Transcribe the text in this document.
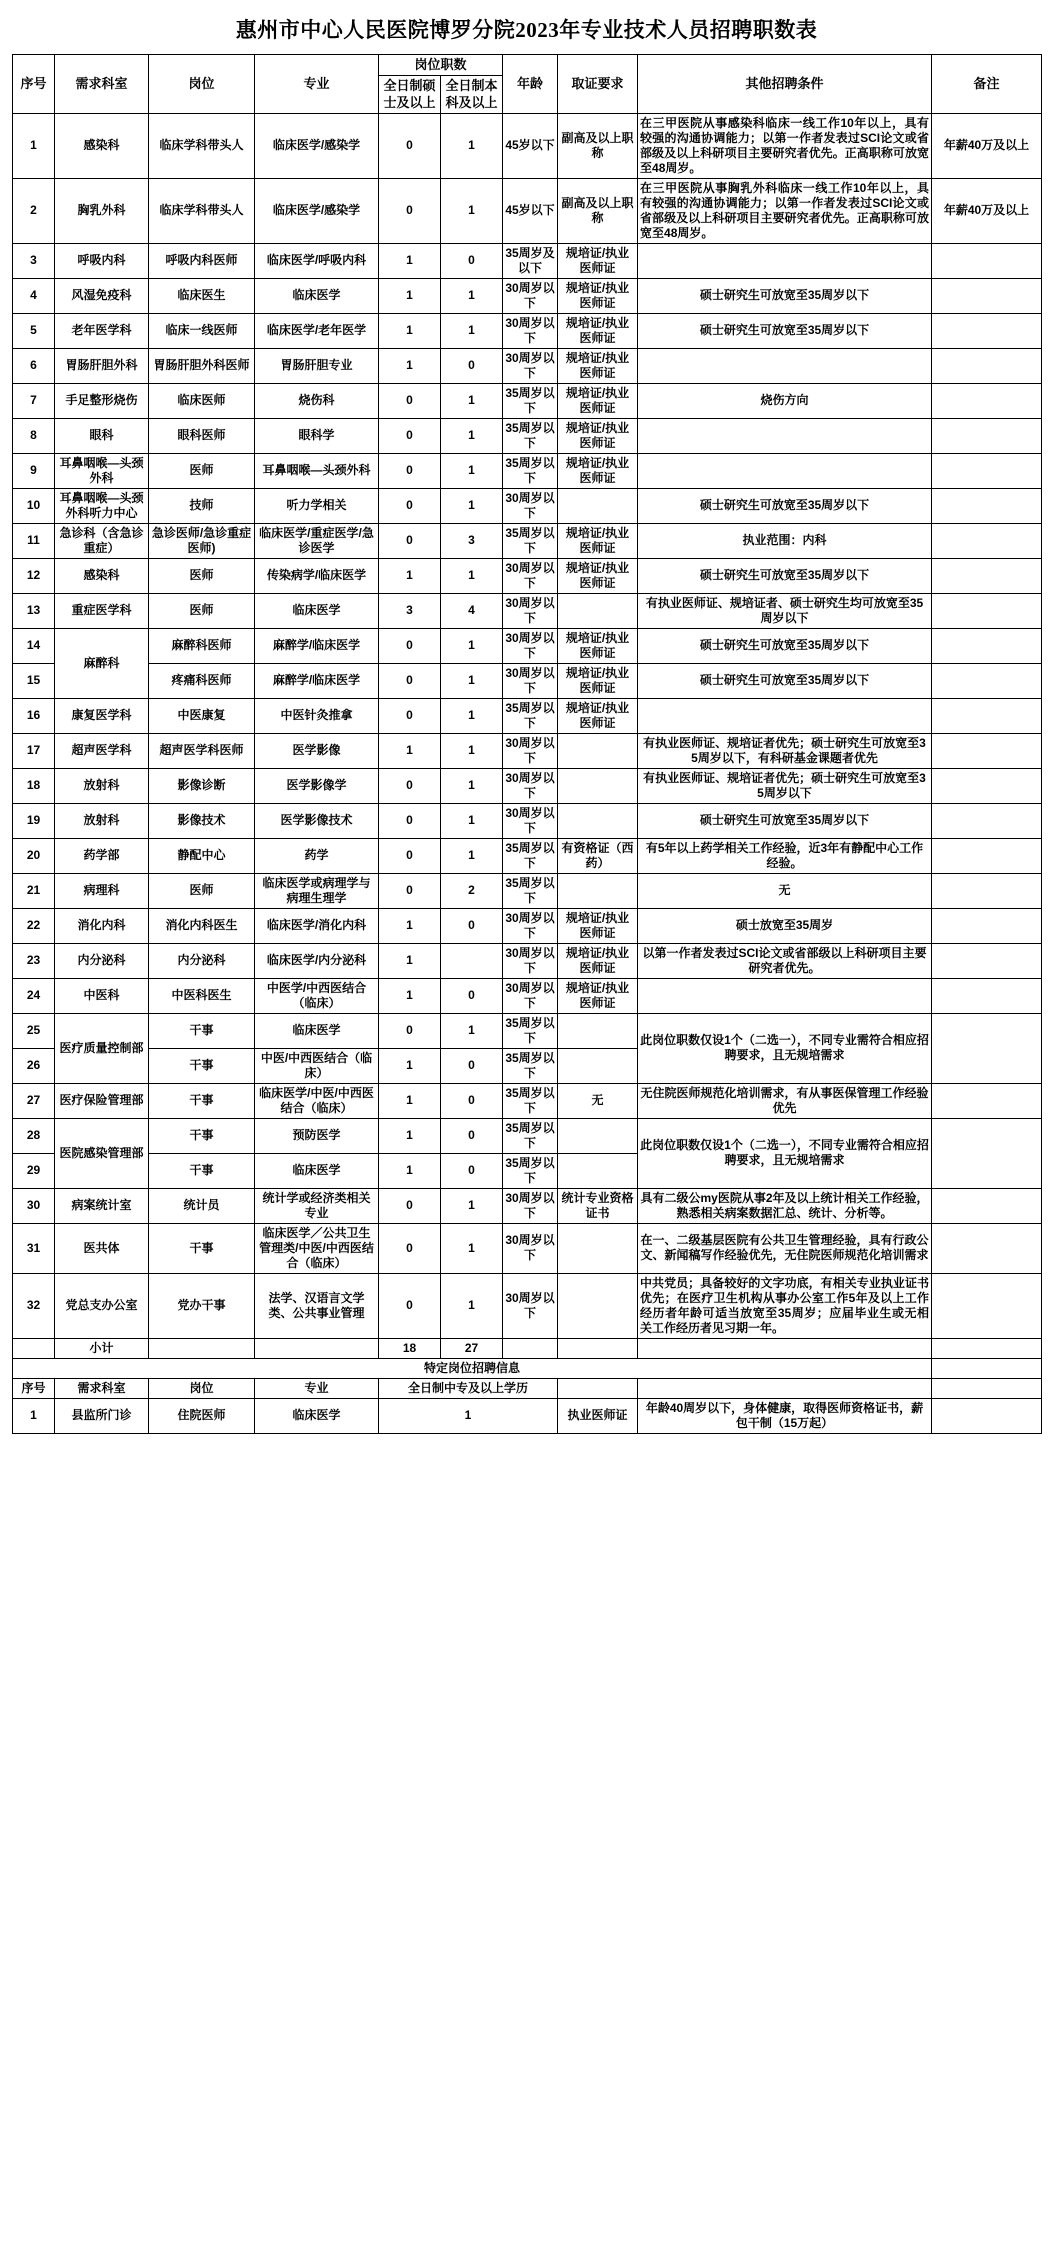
惠州市中心人民医院博罗分院2023年专业技术人员招聘职数表
序号	需求科室	岗位	专业	岗位职数		年龄	取证要求	其他招聘条件	备注
				全日制硕士及以上	全日制本科及以上				
1	感染科	临床学科带头人	临床医学/感染学	0	1	45岁以下	副高及以上职称	在三甲医院从事感染科临床一线工作10年以上，具有较强的沟通协调能力；以第一作者发表过SCI论文或省部级及以上科研项目主要研究者优先。正高职称可放宽至48周岁。	年薪40万及以上
2	胸乳外科	临床学科带头人	临床医学/感染学	0	1	45岁以下	副高及以上职称	在三甲医院从事胸乳外科临床一线工作10年以上，具有较强的沟通协调能力；以第一作者发表过SCI论文或省部级及以上科研项目主要研究者优先。正高职称可放宽至48周岁。	年薪40万及以上
3	呼吸内科	呼吸内科医师	临床医学/呼吸内科	1	0	35周岁及以下	规培证/执业医师证		
4	风湿免疫科	临床医生	临床医学	1	1	30周岁以下	规培证/执业医师证	硕士研究生可放宽至35周岁以下	
5	老年医学科	临床一线医师	临床医学/老年医学	1	1	30周岁以下	规培证/执业医师证	硕士研究生可放宽至35周岁以下	
6	胃肠肝胆外科	胃肠肝胆外科医师	胃肠肝胆专业	1	0	30周岁以下	规培证/执业医师证		
7	手足整形烧伤	临床医师	烧伤科	0	1	35周岁以下	规培证/执业医师证	烧伤方向	
8	眼科	眼科医师	眼科学	0	1	35周岁以下	规培证/执业医师证		
9	耳鼻咽喉—头颈外科	医师	耳鼻咽喉—头颈外科	0	1	35周岁以下	规培证/执业医师证		
10	耳鼻咽喉—头颈外科听力中心	技师	听力学相关	0	1	30周岁以下		硕士研究生可放宽至35周岁以下	
11	急诊科（含急诊重症）	急诊医师/急诊重症医师)	临床医学/重症医学/急诊医学	0	3	35周岁以下	规培证/执业医师证	执业范围：内科	
12	感染科	医师	传染病学/临床医学	1	1	30周岁以下	规培证/执业医师证	硕士研究生可放宽至35周岁以下	
13	重症医学科	医师	临床医学	3	4	30周岁以下		有执业医师证、规培证者、硕士研究生均可放宽至35周岁以下	
14	麻醉科	麻醉科医师	麻醉学/临床医学	0	1	30周岁以下	规培证/执业医师证	硕士研究生可放宽至35周岁以下	
15		疼痛科医师	麻醉学/临床医学	0	1	30周岁以下	规培证/执业医师证	硕士研究生可放宽至35周岁以下	
16	康复医学科	中医康复	中医针灸推拿	0	1	35周岁以下	规培证/执业医师证		
17	超声医学科	超声医学科医师	医学影像	1	1	30周岁以下		有执业医师证、规培证者优先；硕士研究生可放宽至35周岁以下，有科研基金课题者优先	
18	放射科	影像诊断	医学影像学	0	1	30周岁以下		有执业医师证、规培证者优先；硕士研究生可放宽至35周岁以下	
19	放射科	影像技术	医学影像技术	0	1	30周岁以下		硕士研究生可放宽至35周岁以下	
20	药学部	静配中心	药学	0	1	35周岁以下	有资格证（西药）	有5年以上药学相关工作经验，近3年有静配中心工作经验。	
21	病理科	医师	临床医学或病理学与病理生理学	0	2	35周岁以下		无	
22	消化内科	消化内科医生	临床医学/消化内科	1	0	30周岁以下	规培证/执业医师证	硕士放宽至35周岁	
23	内分泌科	内分泌科	临床医学/内分泌科	1		30周岁以下	规培证/执业医师证	以第一作者发表过SCI论文或省部级以上科研项目主要研究者优先。	
24	中医科	中医科医生	中医学/中西医结合（临床）	1	0	30周岁以下	规培证/执业医师证		
25	医疗质量控制部	干事	临床医学	0	1	35周岁以下		此岗位职数仅设1个（二选一），不同专业需符合相应招聘要求，且无规培需求	
26		干事	中医/中西医结合（临床）	1	0	35周岁以下			
27	医疗保险管理部	干事	临床医学/中医/中西医结合（临床）	1	0	35周岁以下	无	无住院医师规范化培训需求，有从事医保管理工作经验优先	
28	医院感染管理部	干事	预防医学	1	0	35周岁以下		此岗位职数仅设1个（二选一），不同专业需符合相应招聘要求，且无规培需求	
29		干事	临床医学	1	0	35周岁以下			
30	病案统计室	统计员	统计学或经济类相关专业	0	1	30周岁以下	统计专业资格证书	具有二级公my医院从事2年及以上统计相关工作经验，熟悉相关病案数据汇总、统计、分析等。	
31	医共体	干事	临床医学／公共卫生管理类/中医/中西医结合（临床）	0	1	30周岁以下		在一、二级基层医院有公共卫生管理经验，具有行政公文、新闻稿写作经验优先，无住院医师规范化培训需求	
32	党总支办公室	党办干事	法学、汉语言文学类、公共事业管理	0	1	30周岁以下		中共党员；具备较好的文字功底，有相关专业执业证书优先；在医疗卫生机构从事办公室工作5年及以上工作经历者年龄可适当放宽至35周岁；应届毕业生或无相关工作经历者见习期一年。	
	小计			18	27				
特定岗位招聘信息									
序号	需求科室	岗位	专业	全日制中专及以上学历					
1	县监所门诊	住院医师	临床医学	1			执业医师证	年龄40周岁以下，身体健康，取得医师资格证书，薪包干制（15万起）	
